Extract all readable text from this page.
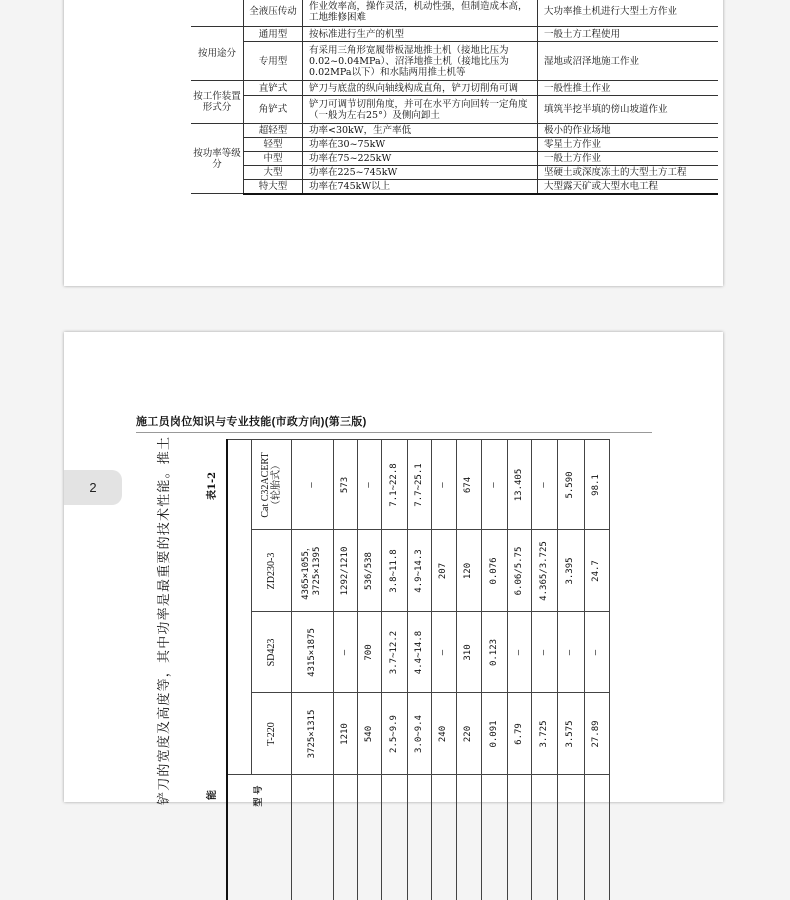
	全液压传动	作业效率高，操作灵活，机动性强，但制造成本高，工地维修困难	大功率推土机进行大型土方作业
按用途分	通用型	按标准进行生产的机型	一般土方工程使用
	专用型	有采用三角形宽履带板湿地推土机（接地比压为0.02~0.04MPa）、沼泽地推土机（接地比压为0.02MPa以下）和水陆两用推土机等	湿地或沼泽地施工作业
按工作装置形式分	直铲式	铲刀与底盘的纵向轴线构成直角，铲刀切削角可调	一般性推土作业
	角铲式	铲刀可调节切削角度，并可在水平方向回转一定角度（一般为左右25°）及侧向卸土	填筑半挖半填的傍山坡道作业
按功率等级分	超轻型	功率<30kW，生产率低	极小的作业场地
	轻型	功率在30~75kW	零星土方作业
	中型	功率在75~225kW	一般土方作业
	大型	功率在225~745kW	坚硬土或深度冻土的大型土方工程
	特大型	功率在745kW以上	大型露天矿或大型水电工程
2
施工员岗位知识与专业技能(市政方向)(第三版)
铲刀的宽度及高度等，其中功率是最重要的技术性能。推土	表1-2
能	型 号				
	T-220	SD423	ZD230-3	Cat C32ACERT （轮胎式）

	3725×1315	4315×1875	4365×1055， 3725×1395	—
	1210	—	1292/1210	573
	540	700	536/538	—
	2.5~9.9	3.7~12.2	3.8~11.8	7.1~22.8
	3.0~9.4	4.4~14.8	4.9~14.3	7.7~25.1
	240	—	207	—
	220	310	120	674
	0.091	0.123	0.076	—
	6.79	—	6.06/5.75	13.405
	3.725	—	4.365/3.725	—
	3.575	—	3.395	5.590
	27.89	—	24.7	98.1
